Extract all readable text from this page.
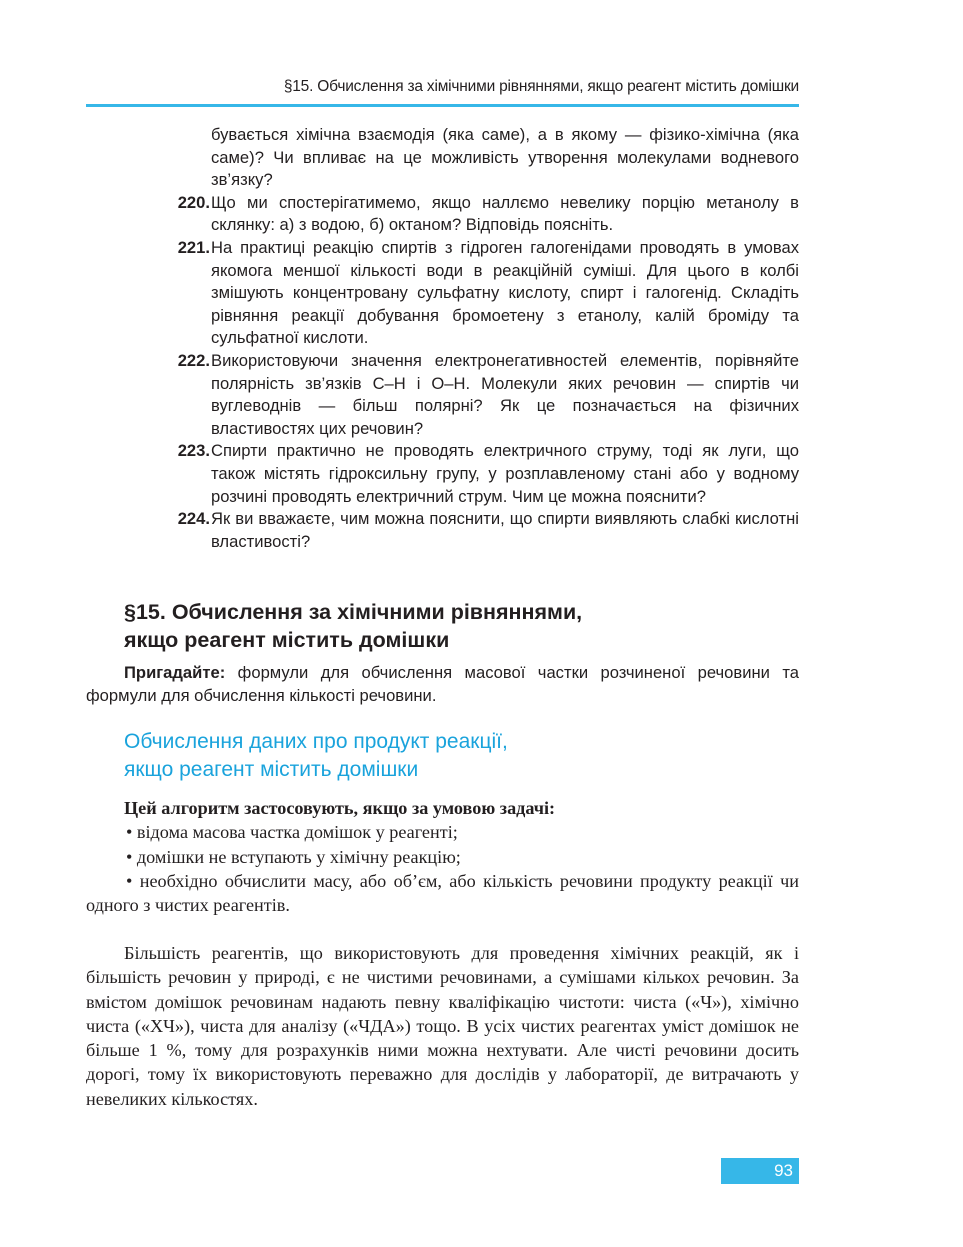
§15. Обчислення за хімічними рівняннями, якщо реагент містить домішки
бувається хімічна взаємодія (яка саме), а в якому — фізико-хімічна (яка саме)? Чи впливає на це можливість утворення молекулами водневого зв’язку?
220. Що ми спостерігатимемо, якщо наллємо невелику порцію метанолу в склянку: а) з водою, б) октаном? Відповідь поясніть.
221. На практиці реакцію спиртів з гідроген галогенідами проводять в умовах якомога меншої кількості води в реакційній суміші. Для цього в колбі змішують концентровану сульфатну кислоту, спирт і галогенід. Складіть рівняння реакції добування бромоетену з етанолу, калій броміду та сульфатної кислоти.
222. Використовуючи значення електронегативностей елементів, порівняйте полярність зв’язків С–Н і О–Н. Молекули яких речовин — спиртів чи вуглеводнів — більш полярні? Як це позначається на фізичних властивостях цих речовин?
223. Спирти практично не проводять електричного струму, тоді як луги, що також містять гідроксильну групу, у розплавленому стані або у водному розчині проводять електричний струм. Чим це можна пояснити?
224. Як ви вважаєте, чим можна пояснити, що спирти виявляють слабкі кислотні властивості?
§15. Обчислення за хімічними рівняннями,
якщо реагент містить домішки
Пригадайте: формули для обчислення масової частки розчиненої речовини та формули для обчислення кількості речовини.
Обчислення даних про продукт реакції,
якщо реагент містить домішки
Цей алгоритм застосовують, якщо за умовою задачі:
• відома масова частка домішок у реагенті;
• домішки не вступають у хімічну реакцію;
• необхідно обчислити масу, або об’єм, або кількість речовини продукту реакції чи одного з чистих реагентів.
Більшість реагентів, що використовують для проведення хімічних реакцій, як і більшість речовин у природі, є не чистими речовинами, а сумішами кількох речовин. За вмістом домішок речовинам надають певну кваліфікацію чистоти: чиста («Ч»), хімічно чиста («ХЧ»), чиста для аналізу («ЧДА») тощо. В усіх чистих реагентах уміст домішок не більше 1 %, тому для розрахунків ними можна нехтувати. Але чисті речовини досить дорогі, тому їх використовують переважно для дослідів у лабораторії, де витрачають у невеликих кількостях.
93
